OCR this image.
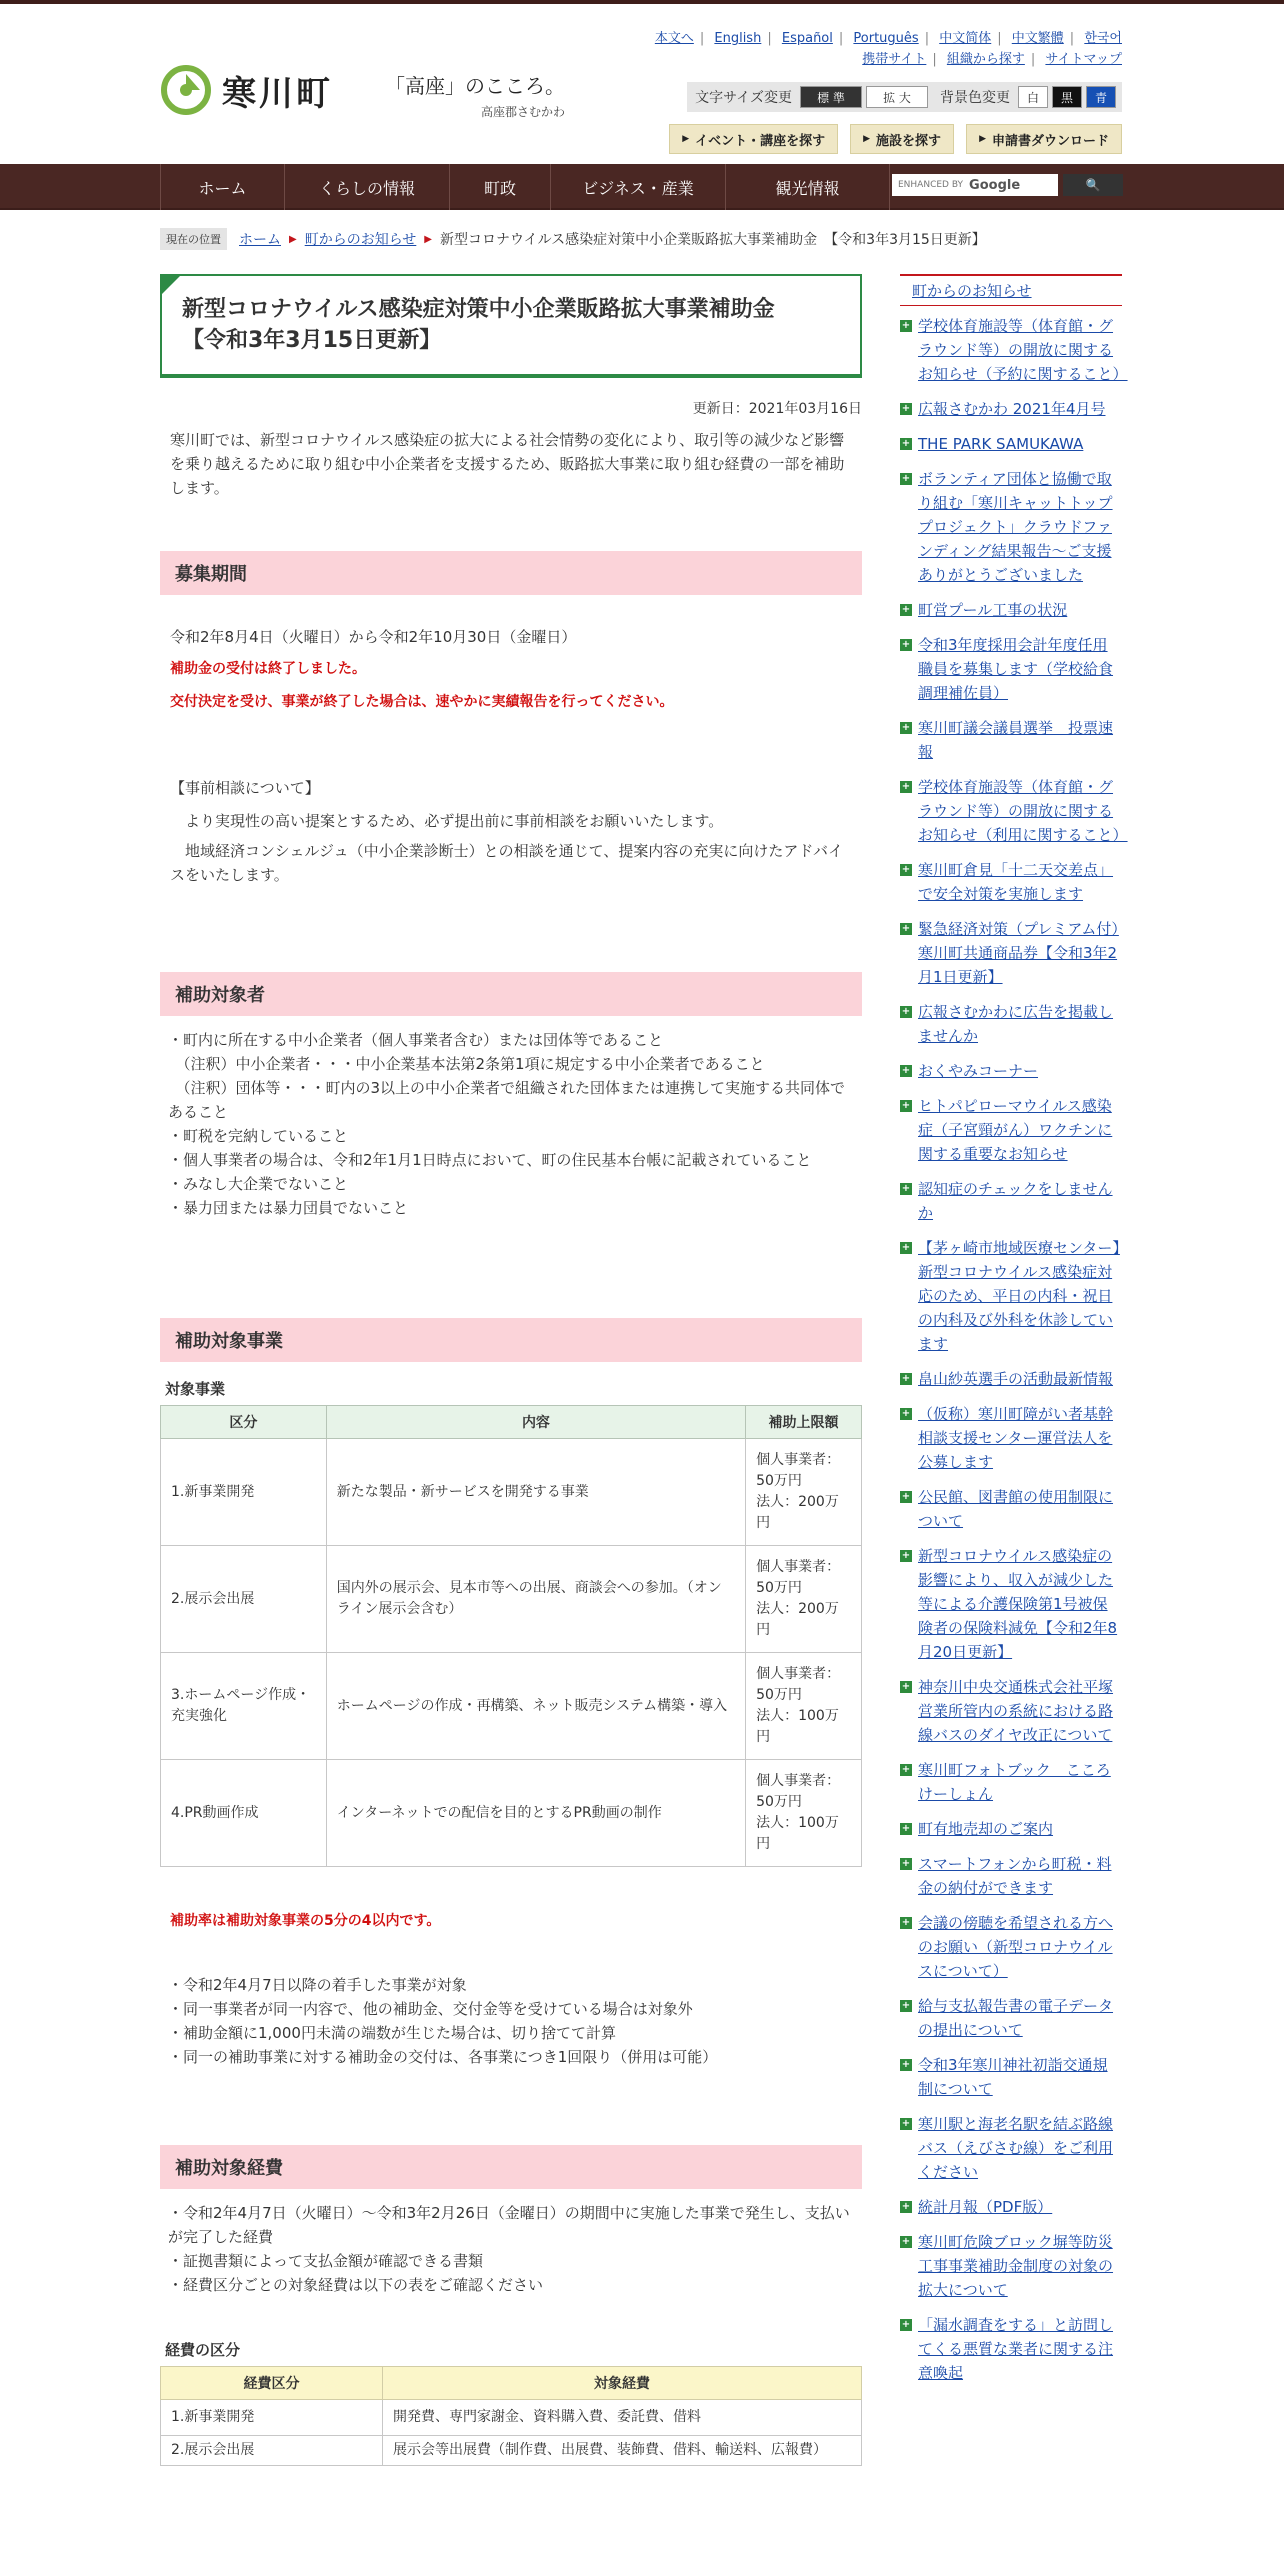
寒川町	「高座」のこころ。
高座郡さむかわ
本文へ | English | Español | Português | 中文简体 | 中文繁體 | 한국어
携帯サイト | 組織から探す | サイトマップ
文字サイズ変更	標 準	拡 大	背景色変更	白	黒	青
▶ イベント・講座を探す	▶ 施設を探す	▶ 申請書ダウンロード
ホーム	くらしの情報	町政	ビジネス・産業	観光情報	ENHANCED BY Google	🔍
現在の位置	ホーム ▶ 町からのお知らせ ▶ 新型コロナウイルス感染症対策中小企業販路拡大事業補助金　【令和3年3月15日更新】
新型コロナウイルス感染症対策中小企業販路拡大事業補助金
【令和3年3月15日更新】
更新日：2021年03月16日
寒川町では、新型コロナウイルス感染症の拡大による社会情勢の変化により、取引等の減少など影響を乗り越えるために取り組む中小企業者を支援するため、販路拡大事業に取り組む経費の一部を補助します。
募集期間
令和2年8月4日（火曜日）から令和2年10月30日（金曜日）
補助金の受付は終了しました。
交付決定を受け、事業が終了した場合は、速やかに実績報告を行ってください。
【事前相談について】
　より実現性の高い提案とするため、必ず提出前に事前相談をお願いいたします。
　地域経済コンシェルジュ（中小企業診断士）との相談を通じて、提案内容の充実に向けたアドバイスをいたします。
補助対象者
・町内に所在する中小企業者（個人事業者含む）または団体等であること
　（注釈）中小企業者・・・中小企業基本法第2条第1項に規定する中小企業者であること
　（注釈）団体等・・・町内の3以上の中小企業者で組織された団体または連携して実施する共同体であること
・町税を完納していること
・個人事業者の場合は、令和2年1月1日時点において、町の住民基本台帳に記載されていること
・みなし大企業でないこと
・暴力団または暴力団員でないこと
補助対象事業
対象事業
区分	内容	補助上限額
1.新事業開発	新たな製品・新サービスを開発する事業	個人事業者：50万円
法人：200万円

2.展示会出展	国内外の展示会、見本市等への出展、商談会への参加。（オンライン展示会含む）	個人事業者：50万円
法人：200万円

3.ホームページ作成・充実強化	ホームページの作成・再構築、ネット販売システム構築・導入	個人事業者：50万円
法人：100万円

4.PR動画作成	インターネットでの配信を目的とするPR動画の制作	個人事業者：50万円
法人：100万円
補助率は補助対象事業の5分の4以内です。
・令和2年4月7日以降の着手した事業が対象
・同一事業者が同一内容で、他の補助金、交付金等を受けている場合は対象外
・補助金額に1,000円未満の端数が生じた場合は、切り捨てて計算
・同一の補助事業に対する補助金の交付は、各事業につき1回限り（併用は可能）
補助対象経費
・令和2年4月7日（火曜日）～令和3年2月26日（金曜日）の期間中に実施した事業で発生し、支払いが完了した経費
・証拠書類によって支払金額が確認できる書類
・経費区分ごとの対象経費は以下の表をご確認ください
経費の区分
経費区分	対象経費
1.新事業開発	開発費、専門家謝金、資料購入費、委託費、借料
2.展示会出展	展示会等出展費（制作費、出展費、装飾費、借料、輸送料、広報費）
町からのお知らせ
+ 学校体育施設等（体育館・グラウンド等）の開放に関するお知らせ（予約に関すること）
+ 広報さむかわ 2021年4月号
+ THE PARK SAMUKAWA
+ ボランティア団体と協働で取り組む「寒川キャットトッププロジェクト」クラウドファンディング結果報告～ご支援ありがとうございました
+ 町営プール工事の状況
+ 令和3年度採用会計年度任用職員を募集します（学校給食調理補佐員）
+ 寒川町議会議員選挙　投票速報
+ 学校体育施設等（体育館・グラウンド等）の開放に関するお知らせ（利用に関すること）
+ 寒川町倉見「十二天交差点」で安全対策を実施します
+ 緊急経済対策（プレミアム付）寒川町共通商品券【令和3年2月1日更新】
+ 広報さむかわに広告を掲載しませんか
+ おくやみコーナー
+ ヒトパピローマウイルス感染症（子宮頸がん）ワクチンに関する重要なお知らせ
+ 認知症のチェックをしませんか
+ 【茅ヶ崎市地域医療センター】新型コロナウイルス感染症対応のため、平日の内科・祝日の内科及び外科を休診しています
+ 畠山紗英選手の活動最新情報
+ （仮称）寒川町障がい者基幹相談支援センター運営法人を公募します
+ 公民館、図書館の使用制限について
+ 新型コロナウイルス感染症の影響により、収入が減少した等による介護保険第1号被保険者の保険料減免【令和2年8月20日更新】
+ 神奈川中央交通株式会社平塚営業所管内の系統における路線バスのダイヤ改正について
+ 寒川町フォトブック　こころけーしょん
+ 町有地売却のご案内
+ スマートフォンから町税・料金の納付ができます
+ 会議の傍聴を希望される方へのお願い（新型コロナウイルスについて）
+ 給与支払報告書の電子データの提出について
+ 令和3年寒川神社初詣交通規制について
+ 寒川駅と海老名駅を結ぶ路線バス（えびさむ線）をご利用ください
+ 統計月報（PDF版）
+ 寒川町危険ブロック塀等防災工事事業補助金制度の対象の拡大について
+ 「漏水調査をする」と訪問してくる悪質な業者に関する注意喚起
